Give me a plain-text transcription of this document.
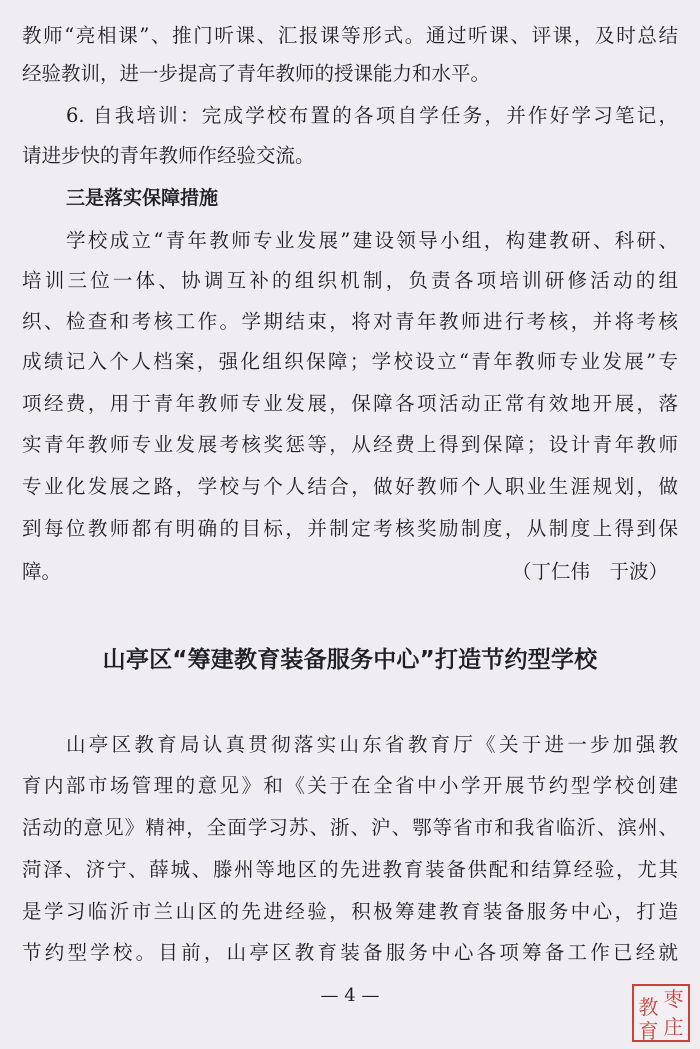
教师“亮相课”、推门听课、汇报课等形式。通过听课、评课，及时总结
经验教训，进一步提高了青年教师的授课能力和水平。
6. 自我培训：完成学校布置的各项自学任务，并作好学习笔记，
请进步快的青年教师作经验交流。
三是落实保障措施
学校成立“青年教师专业发展”建设领导小组，构建教研、科研、
培训三位一体、协调互补的组织机制，负责各项培训研修活动的组
织、检查和考核工作。学期结束，将对青年教师进行考核，并将考核
成绩记入个人档案，强化组织保障；学校设立“青年教师专业发展”专
项经费，用于青年教师专业发展，保障各项活动正常有效地开展，落
实青年教师专业发展考核奖惩等，从经费上得到保障；设计青年教师
专业化发展之路，学校与个人结合，做好教师个人职业生涯规划，做
到每位教师都有明确的目标，并制定考核奖励制度，从制度上得到保
障。	（丁仁伟　于波）
山亭区“筹建教育装备服务中心”打造节约型学校
山亭区教育局认真贯彻落实山东省教育厅《关于进一步加强教
育内部市场管理的意见》和《关于在全省中小学开展节约型学校创建
活动的意见》精神，全面学习苏、浙、沪、鄂等省市和我省临沂、滨州、
菏泽、济宁、薛城、滕州等地区的先进教育装备供配和结算经验，尤其
是学习临沂市兰山区的先进经验，积极筹建教育装备服务中心，打造
节约型学校。目前，山亭区教育装备服务中心各项筹备工作已经就
— 4 —	枣
教
庄
育
